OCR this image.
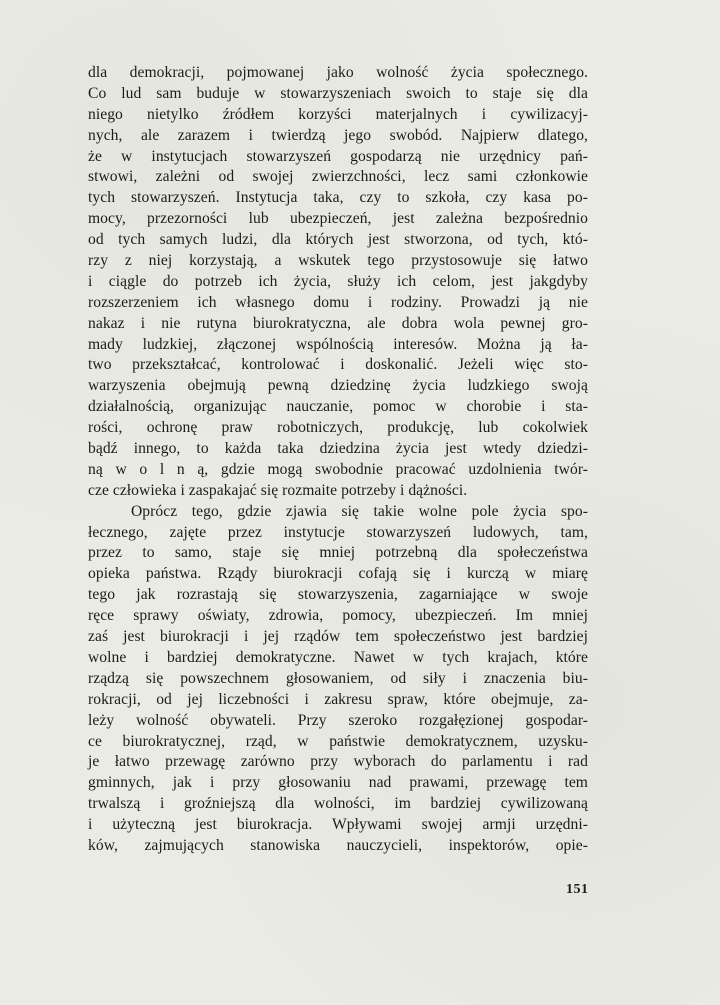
dla demokracji, pojmowanej jako wolność życia społecznego.
Co lud sam buduje w stowarzyszeniach swoich to staje się dla
niego nietylko źródłem korzyści materjalnych i cywilizacyj-
nych, ale zarazem i twierdzą jego swobód. Najpierw dlatego,
że w instytucjach stowarzyszeń gospodarzą nie urzędnicy pań-
stwowi, zależni od swojej zwierzchności, lecz sami członkowie
tych stowarzyszeń. Instytucja taka, czy to szkoła, czy kasa po-
mocy, przezorności lub ubezpieczeń, jest zależna bezpośrednio
od tych samych ludzi, dla których jest stworzona, od tych, któ-
rzy z niej korzystają, a wskutek tego przystosowuje się łatwo
i ciągle do potrzeb ich życia, służy ich celom, jest jakgdyby
rozszerzeniem ich własnego domu i rodziny. Prowadzi ją nie
nakaz i nie rutyna biurokratyczna, ale dobra wola pewnej gro-
mady ludzkiej, złączonej wspólnością interesów. Można ją ła-
two przekształcać, kontrolować i doskonalić. Jeżeli więc sto-
warzyszenia obejmują pewną dziedzinę życia ludzkiego swoją
działalnością, organizując nauczanie, pomoc w chorobie i sta-
rości, ochronę praw robotniczych, produkcję, lub cokolwiek
bądź innego, to każda taka dziedzina życia jest wtedy dziedzi-
ną w o l n ą, gdzie mogą swobodnie pracować uzdolnienia twór-
cze człowieka i zaspakajać się rozmaite potrzeby i dążności.
Oprócz tego, gdzie zjawia się takie wolne pole życia spo-
łecznego, zajęte przez instytucje stowarzyszeń ludowych, tam,
przez to samo, staje się mniej potrzebną dla społeczeństwa
opieka państwa. Rządy biurokracji cofają się i kurczą w miarę
tego jak rozrastają się stowarzyszenia, zagarniające w swoje
ręce sprawy oświaty, zdrowia, pomocy, ubezpieczeń. Im mniej
zaś jest biurokracji i jej rządów tem społeczeństwo jest bardziej
wolne i bardziej demokratyczne. Nawet w tych krajach, które
rządzą się powszechnem głosowaniem, od siły i znaczenia biu-
rokracji, od jej liczebności i zakresu spraw, które obejmuje, za-
leży wolność obywateli. Przy szeroko rozgałęzionej gospodar-
ce biurokratycznej, rząd, w państwie demokratycznem, uzysku-
je łatwo przewagę zarówno przy wyborach do parlamentu i rad
gminnych, jak i przy głosowaniu nad prawami, przewagę tem
trwalszą i groźniejszą dla wolności, im bardziej cywilizowaną
i użyteczną jest biurokracja. Wpływami swojej armji urzędni-
ków, zajmujących stanowiska nauczycieli, inspektorów, opie-
151
